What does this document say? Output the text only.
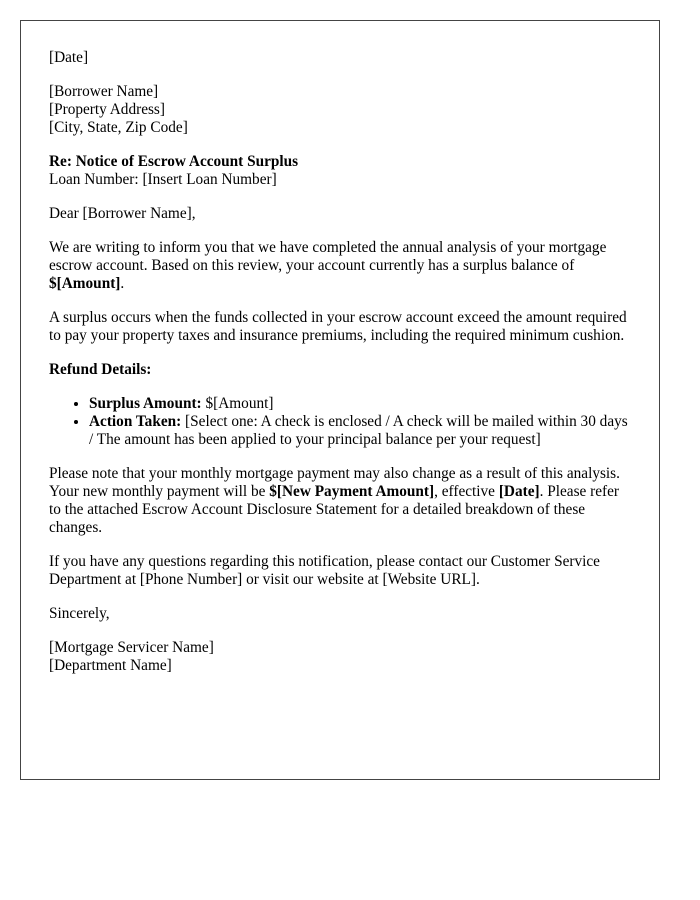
[Date]

[Borrower Name]
[Property Address]
[City, State, Zip Code]

Re: Notice of Escrow Account Surplus
Loan Number: [Insert Loan Number]

Dear [Borrower Name],

We are writing to inform you that we have completed the annual analysis of your mortgage escrow account. Based on this review, your account currently has a surplus balance of $[Amount].

A surplus occurs when the funds collected in your escrow account exceed the amount required to pay your property taxes and insurance premiums, including the required minimum cushion.

Refund Details:

• Surplus Amount: $[Amount]
• Action Taken: [Select one: A check is enclosed / A check will be mailed within 30 days / The amount has been applied to your principal balance per your request]

Please note that your monthly mortgage payment may also change as a result of this analysis. Your new monthly payment will be $[New Payment Amount], effective [Date]. Please refer to the attached Escrow Account Disclosure Statement for a detailed breakdown of these changes.

If you have any questions regarding this notification, please contact our Customer Service Department at [Phone Number] or visit our website at [Website URL].

Sincerely,

[Mortgage Servicer Name]
[Department Name]
